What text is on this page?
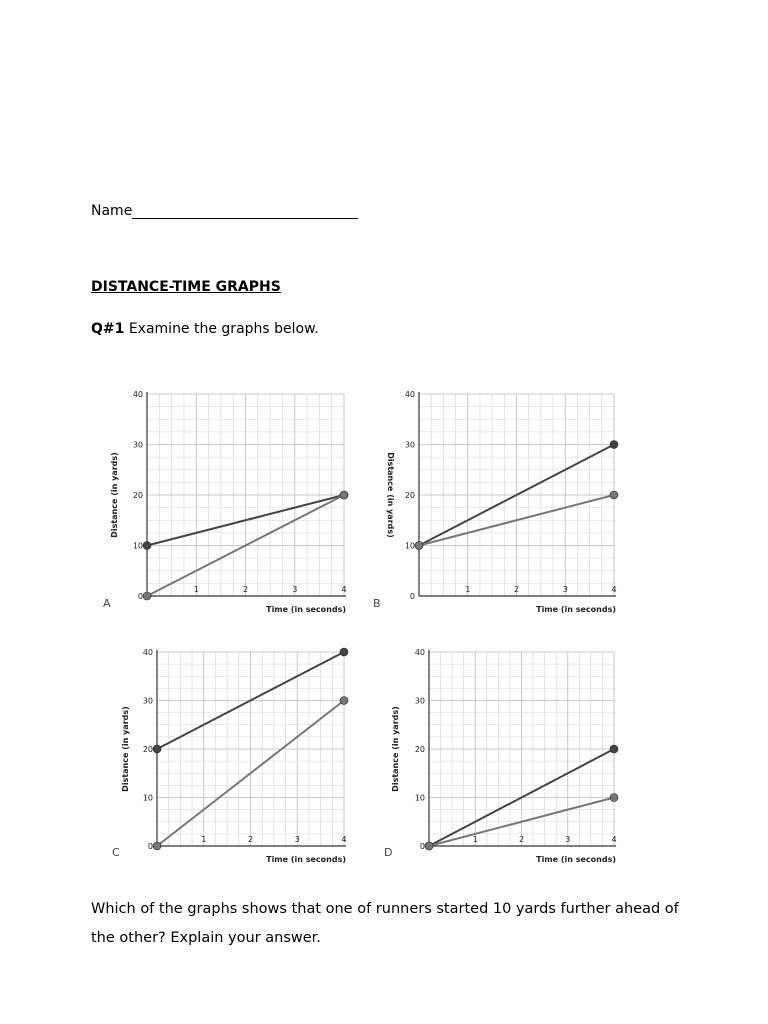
Name
DISTANCE-TIME GRAPHS
Q#1 Examine the graphs below.
0
10
20
30
40
1	2	3	4
Time (in seconds)
Distance (in yards)
A
0
10
20
30
40
1	2	3	4
Time (in seconds)
Distance (in yards)
B
0
10
20
30
40
1	2	3	4
Time (in seconds)
Distance (in yards)
C	0
10
20
30
40
1	2	3	4
Time (in seconds)
Distance (in yards)
D
Which of the graphs shows that one of runners started 10 yards further ahead of the other? Explain your answer.
